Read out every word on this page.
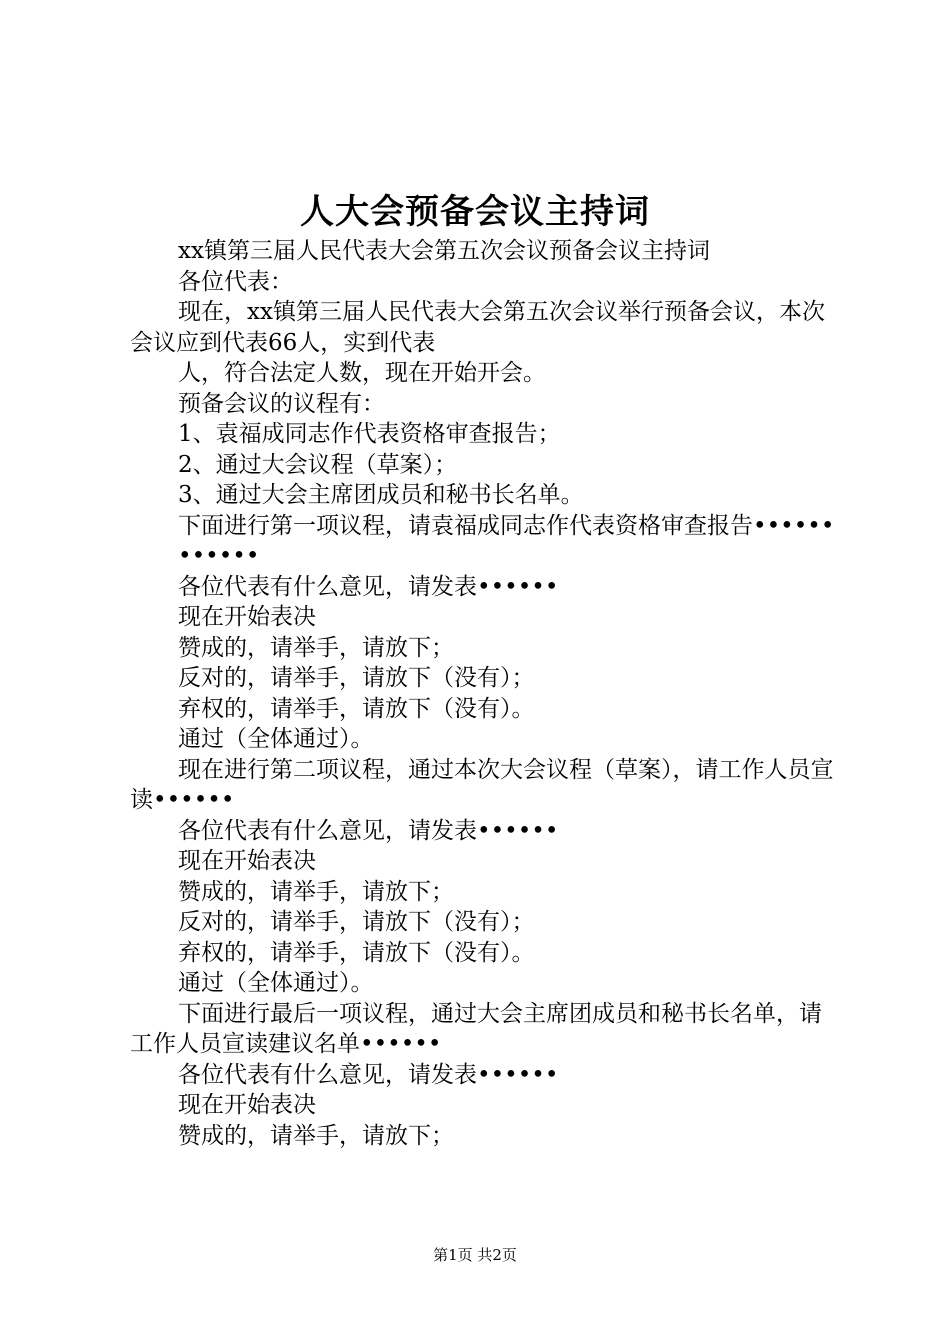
人大会预备会议主持词

xx镇第三届人民代表大会第五次会议预备会议主持词

各位代表：

现在，xx镇第三届人民代表大会第五次会议举行预备会议，本次会议应到代表66人，实到代表

人，符合法定人数，现在开始开会。

预备会议的议程有：

1、袁福成同志作代表资格审查报告；

2、通过大会议程（草案）；

3、通过大会主席团成员和秘书长名单。

下面进行第一项议程，请袁福成同志作代表资格审查报告••••••

••••••

各位代表有什么意见，请发表••••••

现在开始表决

赞成的，请举手，请放下；

反对的，请举手，请放下（没有）；

弃权的，请举手，请放下（没有）。

通过（全体通过）。

现在进行第二项议程，通过本次大会议程（草案），请工作人员宣读••••••

各位代表有什么意见，请发表••••••

现在开始表决

赞成的，请举手，请放下；

反对的，请举手，请放下（没有）；

弃权的，请举手，请放下（没有）。

通过（全体通过）。

下面进行最后一项议程，通过大会主席团成员和秘书长名单，请工作人员宣读建议名单••••••

各位代表有什么意见，请发表••••••

现在开始表决

赞成的，请举手，请放下；

第1页 共2页
